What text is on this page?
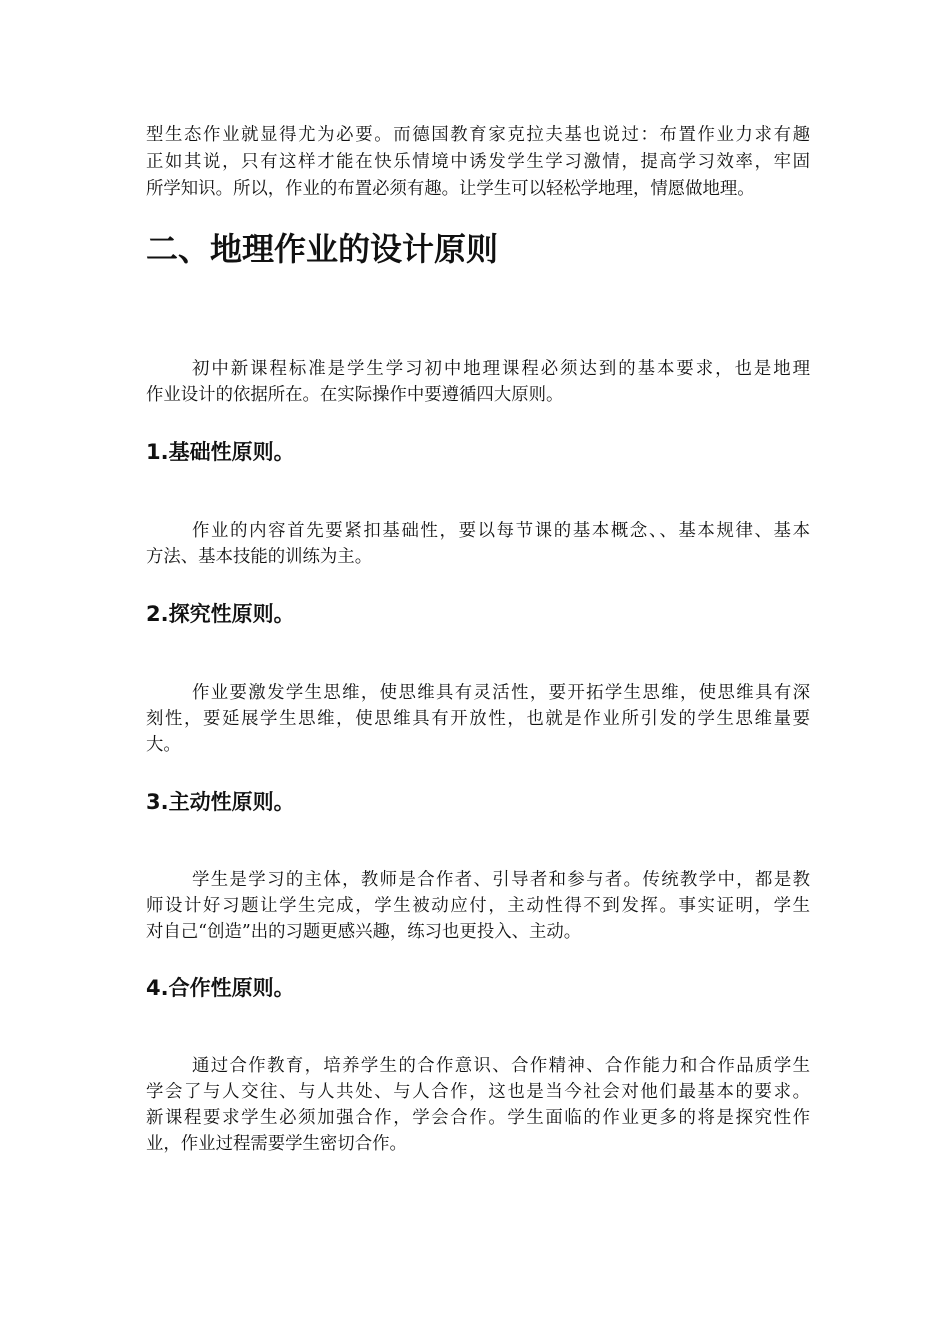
型生态作业就显得尤为必要。而德国教育家克拉夫基也说过：布置作业力求有趣
正如其说，只有这样才能在快乐情境中诱发学生学习激情，提高学习效率，牢固
所学知识。所以，作业的布置必须有趣。让学生可以轻松学地理，情愿做地理。
二、地理作业的设计原则
初中新课程标准是学生学习初中地理课程必须达到的基本要求，也是地理
作业设计的依据所在。在实际操作中要遵循四大原则。
1.基础性原则。
作业的内容首先要紧扣基础性，要以每节课的基本概念、、基本规律、基本
方法、基本技能的训练为主。
2.探究性原则。
作业要激发学生思维，使思维具有灵活性，要开拓学生思维，使思维具有深
刻性，要延展学生思维，使思维具有开放性，也就是作业所引发的学生思维量要
大。
3.主动性原则。
学生是学习的主体，教师是合作者、引导者和参与者。传统教学中，都是教
师设计好习题让学生完成，学生被动应付，主动性得不到发挥。事实证明，学生
对自己“创造”出的习题更感兴趣，练习也更投入、主动。
4.合作性原则。
通过合作教育，培养学生的合作意识、合作精神、合作能力和合作品质学生
学会了与人交往、与人共处、与人合作，这也是当今社会对他们最基本的要求。
新课程要求学生必须加强合作，学会合作。学生面临的作业更多的将是探究性作
业，作业过程需要学生密切合作。
